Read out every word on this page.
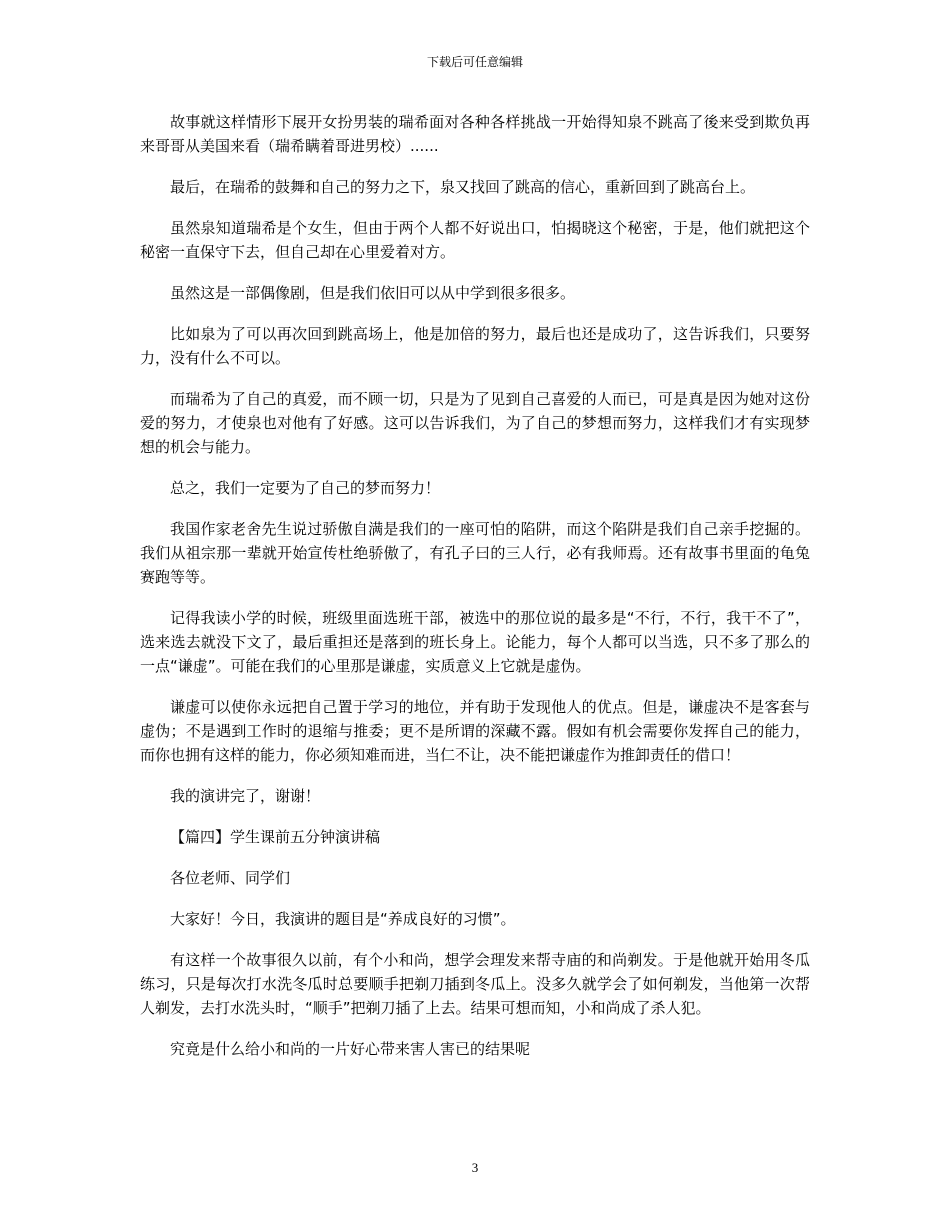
下载后可任意编辑

故事就这样情形下展开女扮男装的瑞希面对各种各样挑战一开始得知泉不跳高了後来受到欺负再来哥哥从美国来看（瑞希瞒着哥进男校）......

最后，在瑞希的鼓舞和自己的努力之下，泉又找回了跳高的信心，重新回到了跳高台上。

虽然泉知道瑞希是个女生，但由于两个人都不好说出口，怕揭晓这个秘密，于是，他们就把这个秘密一直保守下去，但自己却在心里爱着对方。

虽然这是一部偶像剧，但是我们依旧可以从中学到很多很多。

比如泉为了可以再次回到跳高场上，他是加倍的努力，最后也还是成功了，这告诉我们，只要努力，没有什么不可以。

而瑞希为了自己的真爱，而不顾一切，只是为了见到自己喜爱的人而已，可是真是因为她对这份爱的努力，才使泉也对他有了好感。这可以告诉我们，为了自己的梦想而努力，这样我们才有实现梦想的机会与能力。

总之，我们一定要为了自己的梦而努力！

我国作家老舍先生说过骄傲自满是我们的一座可怕的陷阱，而这个陷阱是我们自己亲手挖掘的。我们从祖宗那一辈就开始宣传杜绝骄傲了，有孔子曰的三人行，必有我师焉。还有故事书里面的龟兔赛跑等等。

记得我读小学的时候，班级里面选班干部，被选中的那位说的最多是“不行，不行，我干不了”，选来选去就没下文了，最后重担还是落到的班长身上。论能力，每个人都可以当选，只不多了那么的一点“谦虚”。可能在我们的心里那是谦虚，实质意义上它就是虚伪。

谦虚可以使你永远把自己置于学习的地位，并有助于发现他人的优点。但是，谦虚决不是客套与虚伪；不是遇到工作时的退缩与推委；更不是所谓的深藏不露。假如有机会需要你发挥自己的能力，而你也拥有这样的能力，你必须知难而进，当仁不让，决不能把谦虚作为推卸责任的借口！

我的演讲完了，谢谢！

【篇四】学生课前五分钟演讲稿

各位老师、同学们

大家好！今日，我演讲的题目是“养成良好的习惯”。

有这样一个故事很久以前，有个小和尚，想学会理发来帮寺庙的和尚剃发。于是他就开始用冬瓜练习，只是每次打水洗冬瓜时总要顺手把剃刀插到冬瓜上。没多久就学会了如何剃发，当他第一次帮人剃发，去打水洗头时，“顺手”把剃刀插了上去。结果可想而知，小和尚成了杀人犯。

究竟是什么给小和尚的一片好心带来害人害已的结果呢

3
